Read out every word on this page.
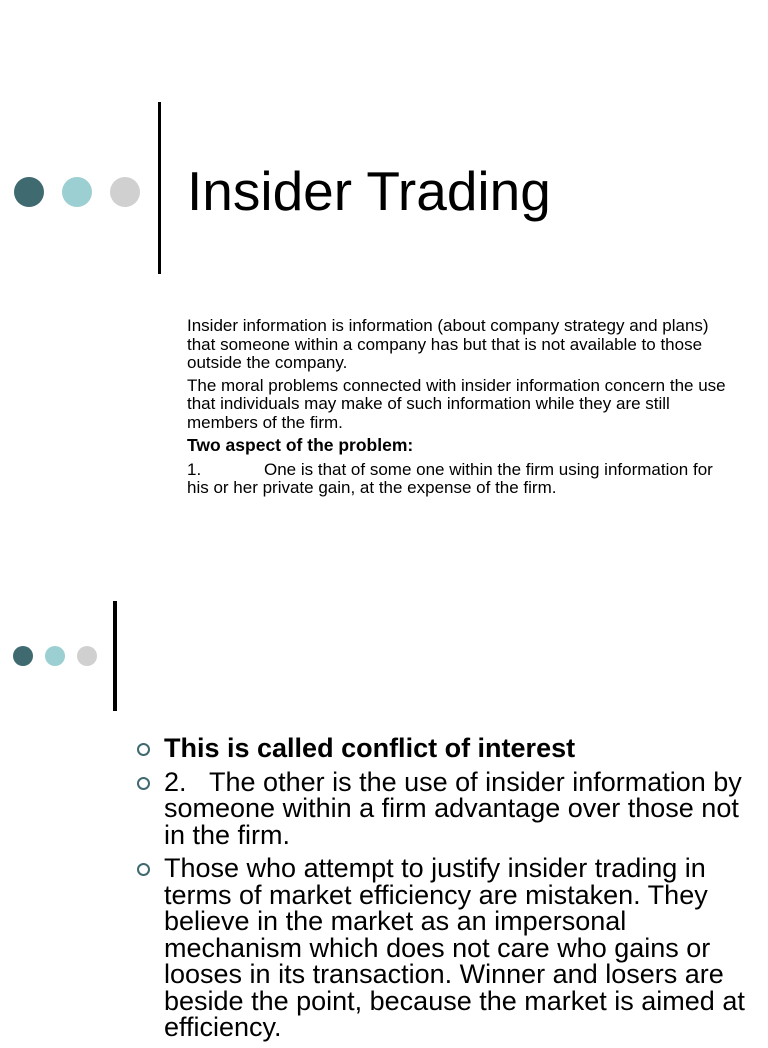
Insider Trading

Insider information is information (about company strategy and plans) that someone within a company has but that is not available to those outside the company.

The moral problems connected with insider information concern the use that individuals may make of such information while they are still members of the firm.

Two aspect of the problem:

1.	One is that of some one within the firm using information for his or her private gain, at the expense of the firm.

This is called conflict of interest
2.   The other is the use of insider information by someone within a firm advantage over those not in the firm.
Those who attempt to justify insider trading in terms of market efficiency are mistaken. They believe in the market as an impersonal mechanism which does not care who gains or looses in its transaction. Winner and losers are beside the point, because the market is aimed at efficiency.
